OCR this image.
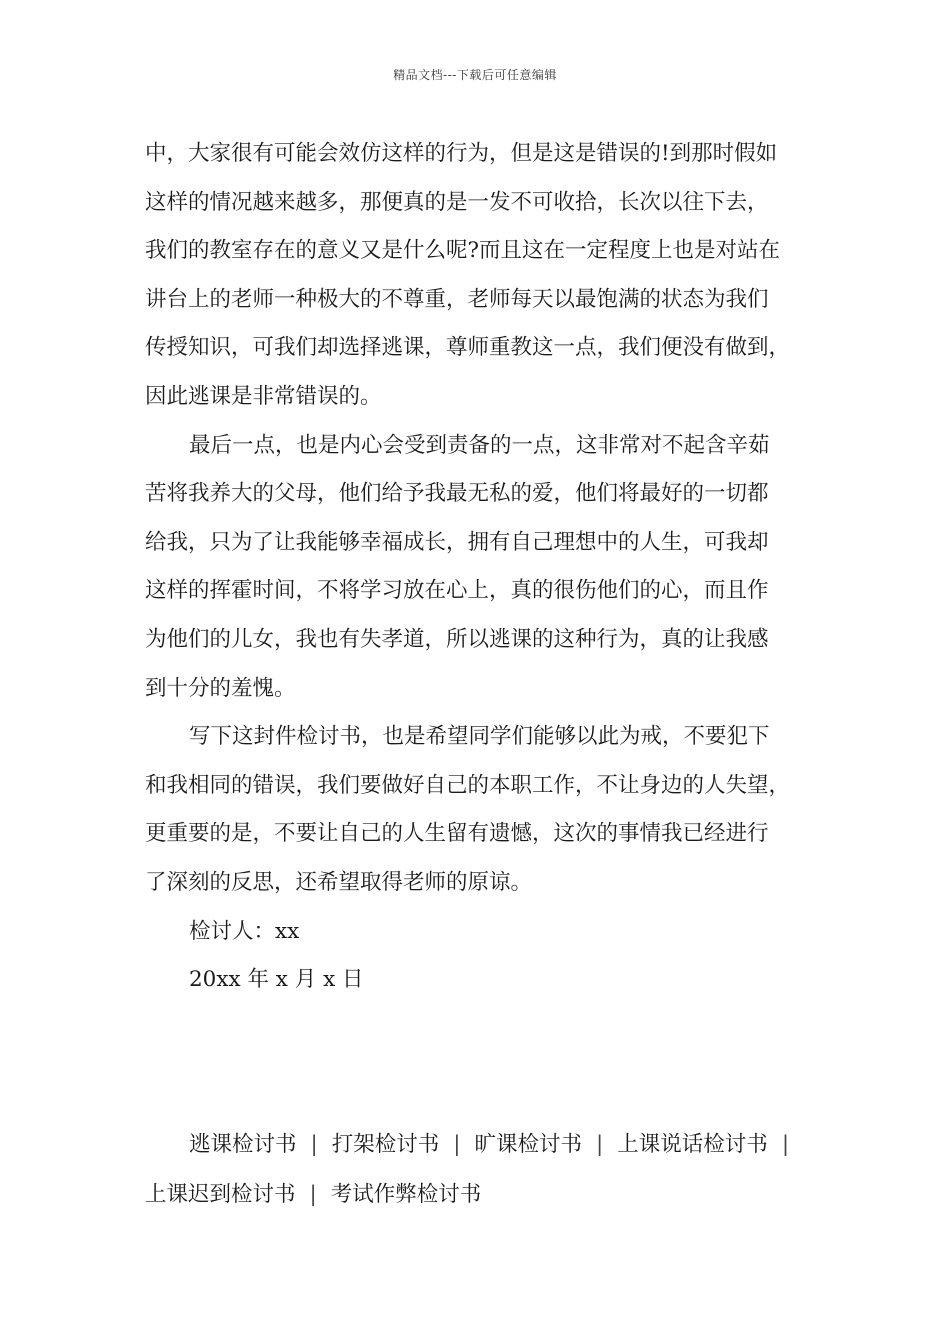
精品文档---下载后可任意编辑
中，大家很有可能会效仿这样的行为，但是这是错误的!到那时假如
这样的情况越来越多，那便真的是一发不可收拾，长次以往下去，
我们的教室存在的意义又是什么呢?而且这在一定程度上也是对站在
讲台上的老师一种极大的不尊重，老师每天以最饱满的状态为我们
传授知识，可我们却选择逃课，尊师重教这一点，我们便没有做到，
因此逃课是非常错误的。
最后一点，也是内心会受到责备的一点，这非常对不起含辛茹
苦将我养大的父母，他们给予我最无私的爱，他们将最好的一切都
给我，只为了让我能够幸福成长，拥有自己理想中的人生，可我却
这样的挥霍时间，不将学习放在心上，真的很伤他们的心，而且作
为他们的儿女，我也有失孝道，所以逃课的这种行为，真的让我感
到十分的羞愧。
写下这封件检讨书，也是希望同学们能够以此为戒，不要犯下
和我相同的错误，我们要做好自己的本职工作，不让身边的人失望，
更重要的是，不要让自己的人生留有遗憾，这次的事情我已经进行
了深刻的反思，还希望取得老师的原谅。
检讨人：xx
20xx 年 x 月 x 日
逃课检讨书 | 打架检讨书 | 旷课检讨书 | 上课说话检讨书 |
上课迟到检讨书 | 考试作弊检讨书
